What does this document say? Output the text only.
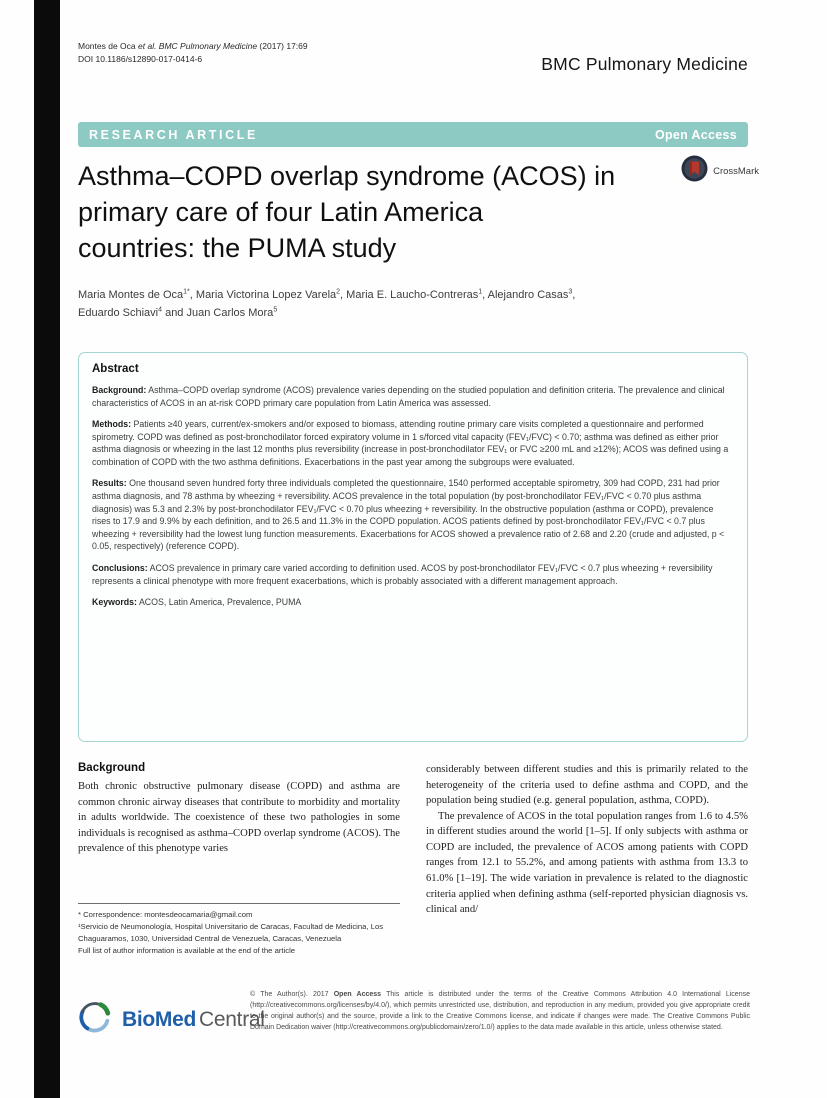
Montes de Oca et al. BMC Pulmonary Medicine (2017) 17:69
DOI 10.1186/s12890-017-0414-6	BMC Pulmonary Medicine
RESEARCH ARTICLE	Open Access
Asthma–COPD overlap syndrome (ACOS) in
primary care of four Latin America
countries: the PUMA study
CrossMark
Maria Montes de Oca$^{1*}$, Maria Victorina Lopez Varela$^2$, Maria E. Laucho-Contreras$^1$, Alejandro Casas$^3$,
Eduardo Schiavi$^4$ and Juan Carlos Mora$^5$
Abstract

Background: Asthma–COPD overlap syndrome (ACOS) prevalence varies depending on the studied population and definition criteria. The prevalence and clinical characteristics of ACOS in an at-risk COPD primary care population from Latin America was assessed.

Methods: Patients ≥40 years, current/ex-smokers and/or exposed to biomass, attending routine primary care visits completed a questionnaire and performed spirometry. COPD was defined as post-bronchodilator forced expiratory volume in 1 s/forced vital capacity (FEV₁/FVC) < 0.70; asthma was defined as either prior asthma diagnosis or wheezing in the last 12 months plus reversibility (increase in post-bronchodilator FEV₁ or FVC ≥200 mL and ≥12%); ACOS was defined using a combination of COPD with the two asthma definitions. Exacerbations in the past year among the subgroups were evaluated.

Results: One thousand seven hundred forty three individuals completed the questionnaire, 1540 performed acceptable spirometry, 309 had COPD, 231 had prior asthma diagnosis, and 78 asthma by wheezing + reversibility. ACOS prevalence in the total population (by post-bronchodilator FEV₁/FVC < 0.70 plus asthma diagnosis) was 5.3 and 2.3% by post-bronchodilator FEV₁/FVC < 0.70 plus wheezing + reversibility. In the obstructive population (asthma or COPD), prevalence rises to 17.9 and 9.9% by each definition, and to 26.5 and 11.3% in the COPD population. ACOS patients defined by post-bronchodilator FEV₁/FVC < 0.7 plus wheezing + reversibility had the lowest lung function measurements. Exacerbations for ACOS showed a prevalence ratio of 2.68 and 2.20 (crude and adjusted, p < 0.05, respectively) (reference COPD).

Conclusions: ACOS prevalence in primary care varied according to definition used. ACOS by post-bronchodilator FEV₁/FVC < 0.7 plus wheezing + reversibility represents a clinical phenotype with more frequent exacerbations, which is probably associated with a different management approach.

Keywords: ACOS, Latin America, Prevalence, PUMA

Background

Both chronic obstructive pulmonary disease (COPD) and asthma are common chronic airway diseases that contribute to morbidity and mortality in adults worldwide. The coexistence of these two pathologies in some individuals is recognised as asthma–COPD overlap syndrome (ACOS). The prevalence of this phenotype varies

considerably between different studies and this is primarily related to the heterogeneity of the criteria used to define asthma and COPD, and the population being studied (e.g. general population, asthma, COPD).

The prevalence of ACOS in the total population ranges from 1.6 to 4.5% in different studies around the world [1–5]. If only subjects with asthma or COPD are included, the prevalence of ACOS among patients with COPD ranges from 12.1 to 55.2%, and among patients with asthma from 13.3 to 61.0% [1–19]. The wide variation in prevalence is related to the diagnostic criteria applied when defining asthma (self-reported physician diagnosis vs. clinical and/

* Correspondence: montesdeocamaria@gmail.com
¹Servicio de Neumonología, Hospital Universitario de Caracas, Facultad de Medicina, Los Chaguaramos, 1030, Universidad Central de Venezuela, Caracas, Venezuela
Full list of author information is available at the end of the article
BioMed Central
© The Author(s). 2017 Open Access This article is distributed under the terms of the Creative Commons Attribution 4.0 International License (http://creativecommons.org/licenses/by/4.0/), which permits unrestricted use, distribution, and reproduction in any medium, provided you give appropriate credit to the original author(s) and the source, provide a link to the Creative Commons license, and indicate if changes were made. The Creative Commons Public Domain Dedication waiver (http://creativecommons.org/publicdomain/zero/1.0/) applies to the data made available in this article, unless otherwise stated.
